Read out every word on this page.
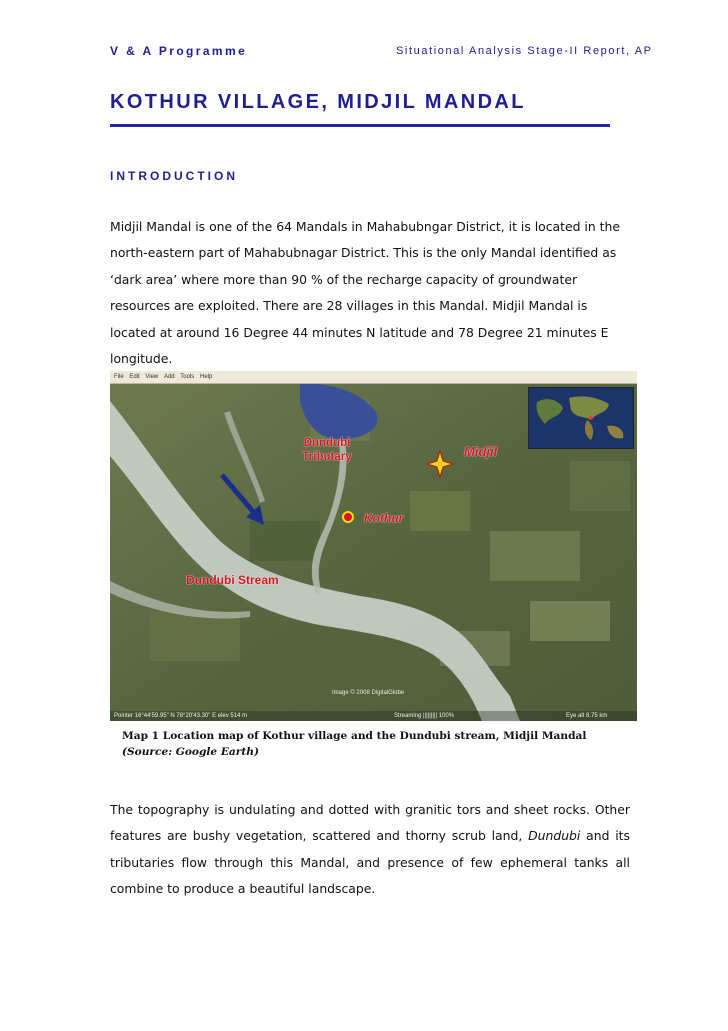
V & A Programme	Situational Analysis Stage-II Report, AP
KOTHUR VILLAGE, MIDJIL MANDAL
INTRODUCTION

Midjil Mandal is one of the 64 Mandals in Mahabubngar District, it is located in the north-eastern part of Mahabubnagar District. This is the only Mandal identified as ‘dark area’ where more than 90 % of the recharge capacity of groundwater resources are exploited. There are 28 villages in this Mandal. Midjil Mandal is located at around 16 Degree 44 minutes N latitude and 78 Degree 21 minutes E longitude.

File Edit View Add Tools Help
Dundubi
Tributary	Midjil
Kothur
Dundubi Stream
Image © 2008 DigitalGlobe
Pointer 16°44'59.95" N 78°20'43.30" E elev 514 m	Streaming ||||||||| 100%	Eye alt 8.75 km

Map 1 Location map of Kothur village and the Dundubi stream, Midjil Mandal (Source: Google Earth)

The topography is undulating and dotted with granitic tors and sheet rocks. Other features are bushy vegetation, scattered and thorny scrub land, Dundubi and its tributaries flow through this Mandal, and presence of few ephemeral tanks all combine to produce a beautiful landscape.
